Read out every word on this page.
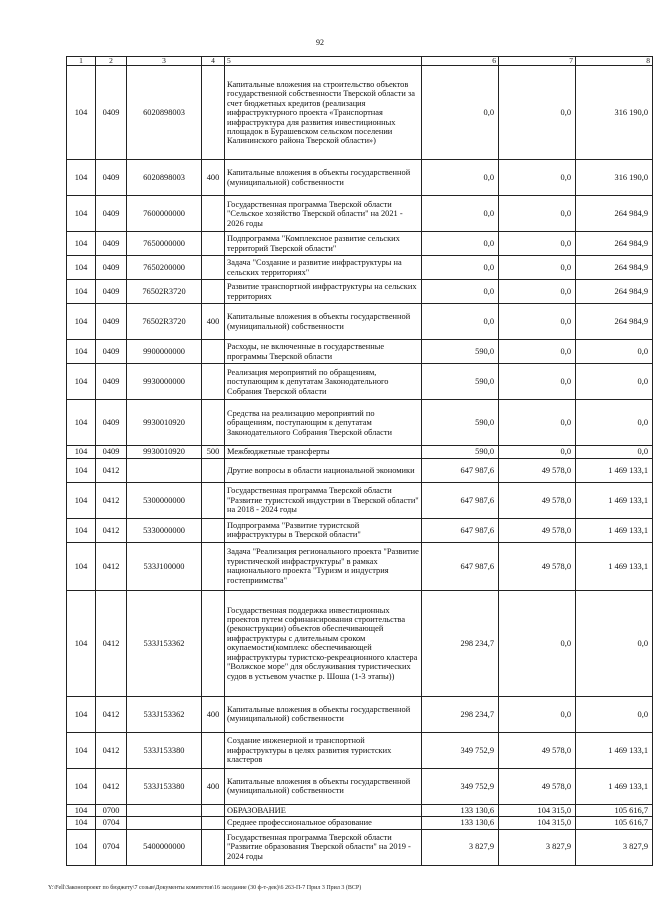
92
1	2	3	4	5	6	7	8
104	0409	6020898003		Капитальные вложения на строительство объектов государственной собственности Тверской области за счет бюджетных кредитов (реализация инфраструктурного проекта «Транспортная инфраструктура для развития инвестиционных площадок в Бурашевском сельском поселении Калининского района Тверской области»)	0,0	0,0	316 190,0
104	0409	6020898003	400	Капитальные вложения в объекты государственной (муниципальной) собственности	0,0	0,0	316 190,0
104	0409	7600000000		Государственная программа Тверской области "Сельское хозяйство Тверской области" на 2021 - 2026 годы	0,0	0,0	264 984,9
104	0409	7650000000		Подпрограмма "Комплексное развитие сельских территорий Тверской области"	0,0	0,0	264 984,9
104	0409	7650200000		Задача "Создание и развитие инфраструктуры на сельских территориях"	0,0	0,0	264 984,9
104	0409	76502R3720		Развитие транспортной инфраструктуры на сельских территориях	0,0	0,0	264 984,9
104	0409	76502R3720	400	Капитальные вложения в объекты государственной (муниципальной) собственности	0,0	0,0	264 984,9
104	0409	9900000000		Расходы, не включенные в государственные программы Тверской области	590,0	0,0	0,0
104	0409	9930000000		Реализация мероприятий по обращениям, поступающим к депутатам Законодательного Собрания Тверской области	590,0	0,0	0,0
104	0409	9930010920		Средства на реализацию мероприятий по обращениям, поступающим к депутатам Законодательного Собрания Тверской области	590,0	0,0	0,0
104	0409	9930010920	500	Межбюджетные трансферты	590,0	0,0	0,0
104	0412			Другие вопросы в области национальной экономики	647 987,6	49 578,0	1 469 133,1
104	0412	5300000000		Государственная программа Тверской области "Развитие туристской индустрии в Тверской области" на 2018 - 2024 годы	647 987,6	49 578,0	1 469 133,1
104	0412	5330000000		Подпрограмма "Развитие туристской инфраструктуры в Тверской области"	647 987,6	49 578,0	1 469 133,1
104	0412	533J100000		Задача "Реализация регионального проекта "Развитие туристической инфраструктуры" в рамках национального проекта "Туризм и индустрия гостеприимства"	647 987,6	49 578,0	1 469 133,1
104	0412	533J153362		Государственная поддержка инвестиционных проектов путем софинансирования строительства (реконструкции) объектов обеспечивающей инфраструктуры с длительным сроком окупаемости(комплекс обеспечивающей инфраструктуры туристско-рекреационного кластера "Волжское море" для обслуживания туристических судов в устьевом участке р. Шоша (1-3 этапы))	298 234,7	0,0	0,0
104	0412	533J153362	400	Капитальные вложения в объекты государственной (муниципальной) собственности	298 234,7	0,0	0,0
104	0412	533J153380		Создание инженерной и транспортной инфраструктуры в целях развития туристских кластеров	349 752,9	49 578,0	1 469 133,1
104	0412	533J153380	400	Капитальные вложения в объекты государственной (муниципальной) собственности	349 752,9	49 578,0	1 469 133,1
104	0700			ОБРАЗОВАНИЕ	133 130,6	104 315,0	105 616,7
104	0704			Среднее профессиональное образование	133 130,6	104 315,0	105 616,7
104	0704	5400000000		Государственная программа Тверской области "Развитие образования Тверской области" на 2019 - 2024 годы	3 827,9	3 827,9	3 827,9
Y:\Fell\Законопроект по бюджету\7 созыв\Документы комитетов\16 заседание (30 ф-т-дек)\6 263-П-7 Прил 3 Прил 3 (ВСР)
